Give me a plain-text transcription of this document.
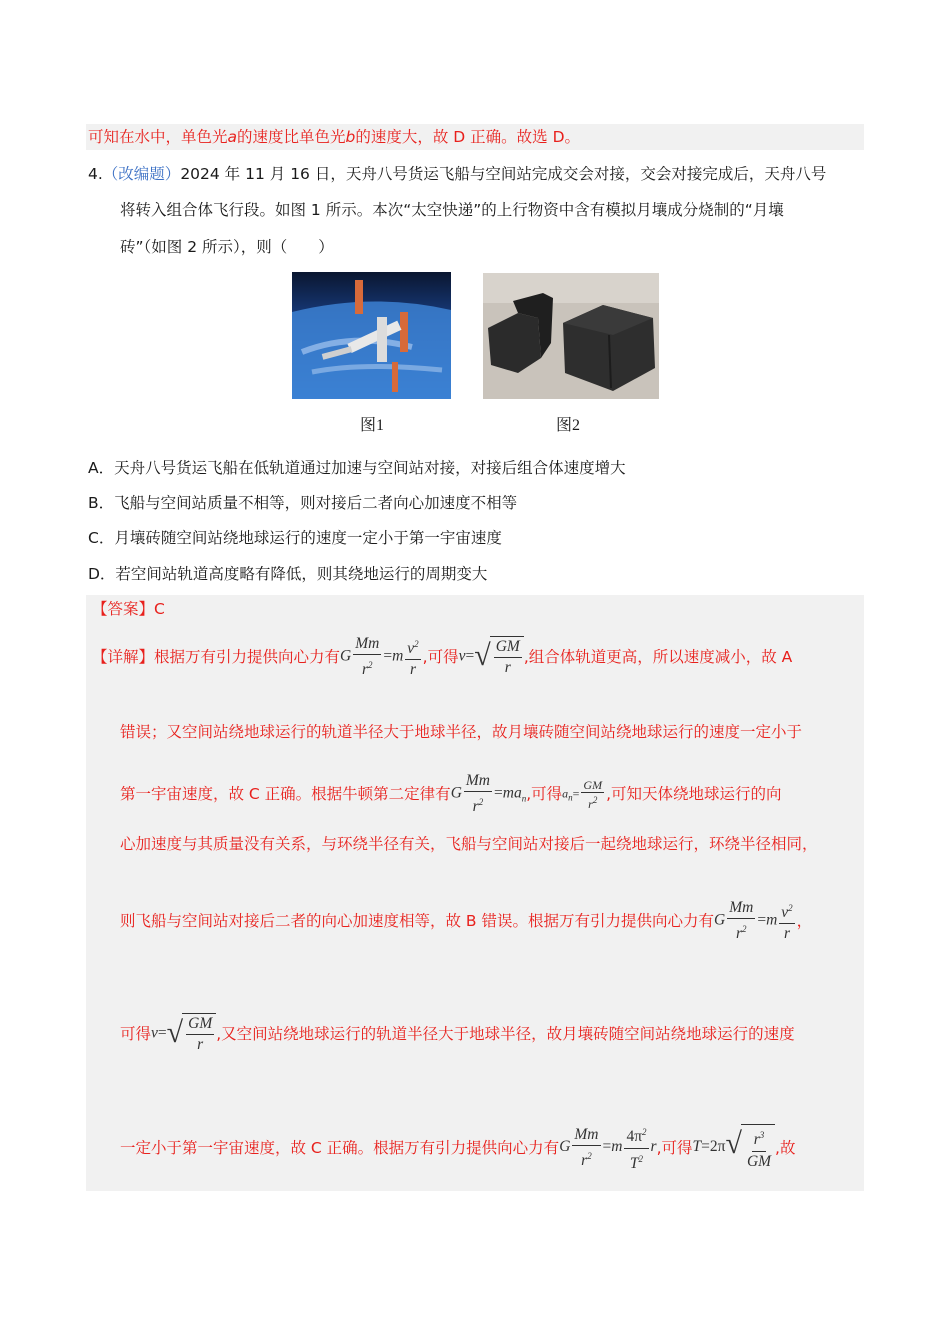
可知在水中，单色光a的速度比单色光b的速度大，故 D 正确。故选 D。
4.（改编题）2024 年 11 月 16 日，天舟八号货运飞船与空间站完成交会对接，交会对接完成后，天舟八号
将转入组合体飞行段。如图 1 所示。本次“太空快递”的上行物资中含有模拟月壤成分烧制的“月壤
砖”（如图 2 所示），则（　　）
图1	图2
A．天舟八号货运飞船在低轨道通过加速与空间站对接，对接后组合体速度增大
B．飞船与空间站质量不相等，则对接后二者向心加速度不相等
C．月壤砖随空间站绕地球运行的速度一定小于第一宇宙速度
D．若空间站轨道高度略有降低，则其绕地运行的周期变大
【答案】C
【详解】根据万有引力提供向心力有 G $\frac{Mm}{r^2} =m \frac{v^2}{r}$ ,可得 v= √ $\frac{GM}{r}$ ,组合体轨道更高，所以速度减小，故 A
错误；又空间站绕地球运行的轨道半径大于地球半径，故月壤砖随空间站绕地球运行的速度一定小于
第一宇宙速度，故 C 正确。根据牛顿第二定律有 G $\frac{Mm}{r^2} =ma_n$ ,可得 $a_n= \frac{GM}{r^2}$ ,可知天体绕地球运行的向
心加速度与其质量没有关系，与环绕半径有关，飞船与空间站对接后一起绕地球运行，环绕半径相同，
则飞船与空间站对接后二者的向心加速度相等，故 B 错误。根据万有引力提供向心力有 G $\frac{Mm}{r^2} =m \frac{v^2}{r}$ ，
可得 v= √ $\frac{GM}{r}$ ,又空间站绕地球运行的轨道半径大于地球半径，故月壤砖随空间站绕地球运行的速度
一定小于第一宇宙速度，故 C 正确。根据万有引力提供向心力有 G $\frac{Mm}{r^2} =m \frac{4\pi^2}{T^2}$ r ,可得 T=2π √ $\frac{r^3}{GM}$ ,故
